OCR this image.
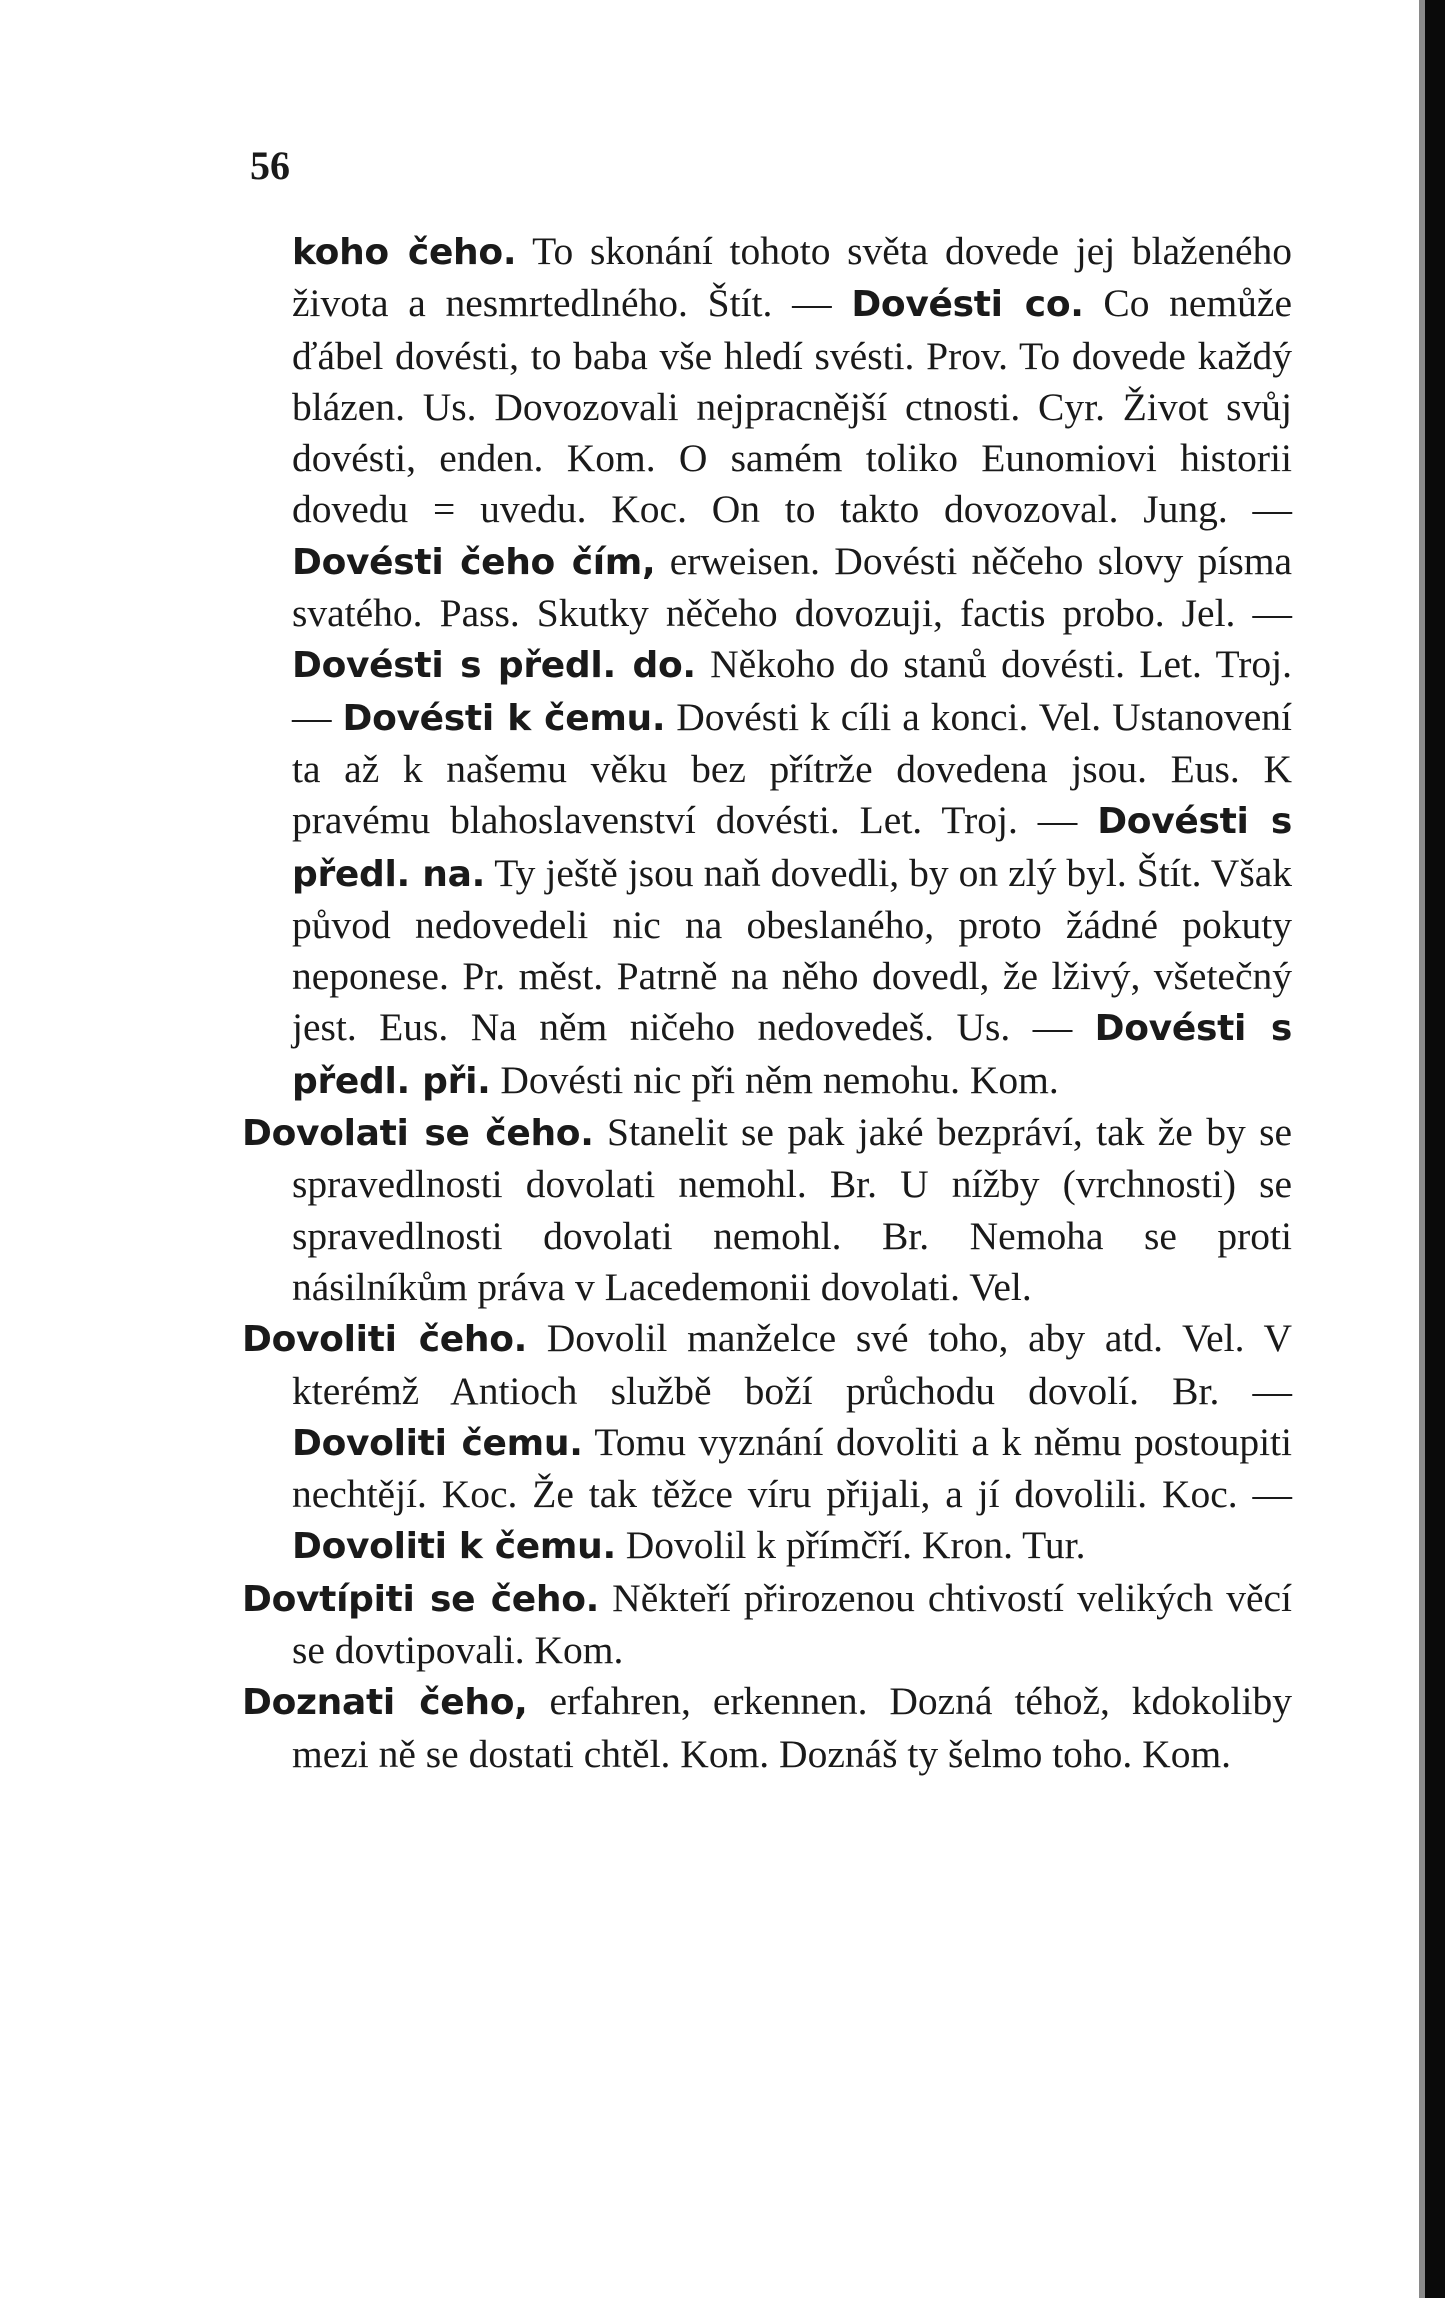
56

koho čeho. To skonání tohoto světa dovede jej blaženého života a nesmrtedlného. Štít. — Dovésti co. Co nemůže ďábel dovésti, to baba vše hledí svésti. Prov. To dovede každý blázen. Us. Dovozovali nejpracnější ctnosti. Cyr. Život svůj dovésti, enden. Kom. O samém toliko Eunomiovi historii dovedu = uvedu. Koc. On to takto dovozoval. Jung. — Dovésti čeho čím, erweisen. Dovésti něčeho slovy písma svatého. Pass. Skutky něčeho dovozuji, factis probo. Jel. — Dovésti s předl. do. Někoho do stanů dovésti. Let. Troj. — Dovésti k čemu. Dovésti k cíli a konci. Vel. Ustanovení ta až k našemu věku bez přítrže dovedena jsou. Eus. K pravému blahoslavenství dovésti. Let. Troj. — Dovésti s předl. na. Ty ještě jsou naň dovedli, by on zlý byl. Štít. Však původ nedovedeli nic na obeslaného, proto žádné pokuty neponese. Pr. měst. Patrně na něho dovedl, že lživý, všetečný jest. Eus. Na něm ničeho nedovedeš. Us. — Dovésti s předl. při. Dovésti nic při něm nemohu. Kom.

Dovolati se čeho. Stanelit se pak jaké bezpráví, tak že by se spravedlnosti dovolati nemohl. Br. U nížby (vrchnosti) se spravedlnosti dovolati nemohl. Br. Nemoha se proti násilníkům práva v Lacedemonii dovolati. Vel.

Dovoliti čeho. Dovolil manželce své toho, aby atd. Vel. V kterémž Antioch službě boží průchodu dovolí. Br. — Dovoliti čemu. Tomu vyznání dovoliti a k němu postoupiti nechtějí. Koc. Že tak těžce víru přijali, a jí dovolili. Koc. — Dovoliti k čemu. Dovolil k přímčří. Kron. Tur.

Dovtípiti se čeho. Někteří přirozenou chtivostí velikých věcí se dovtipovali. Kom.

Doznati čeho, erfahren, erkennen. Dozná téhož, kdokoliby mezi ně se dostati chtěl. Kom. Doznáš ty šelmo toho. Kom.
